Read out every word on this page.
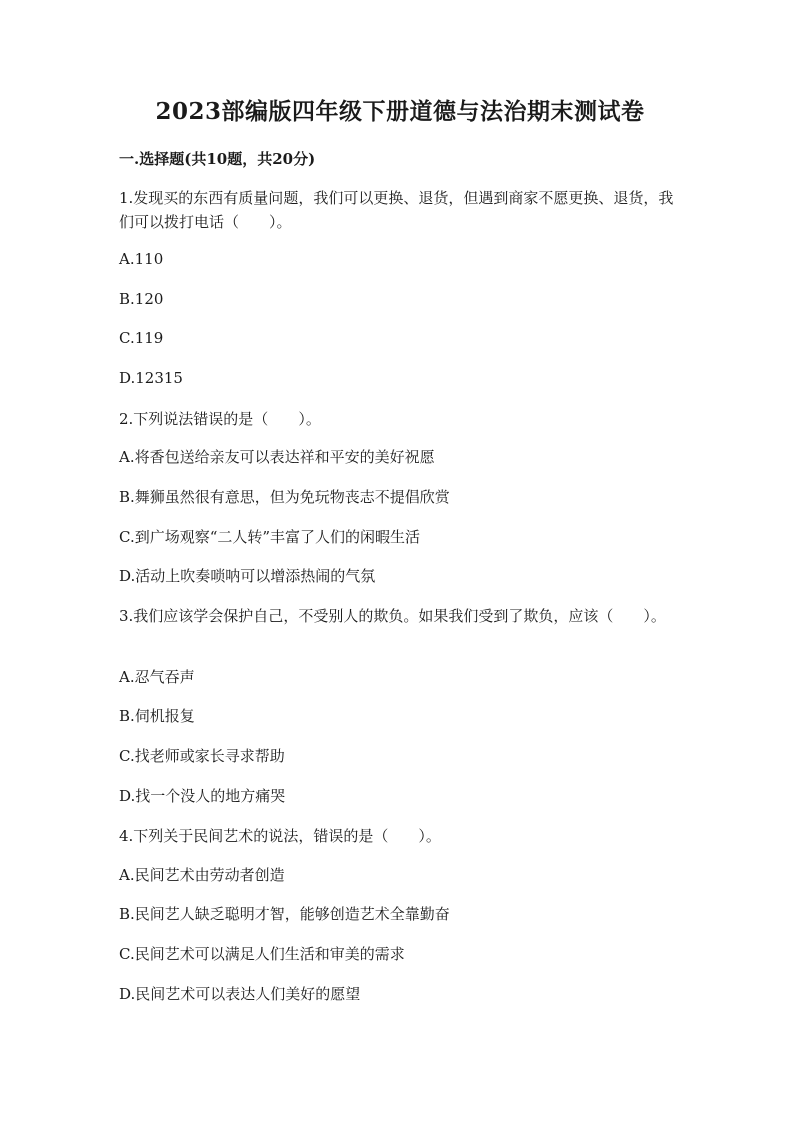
2023部编版四年级下册道德与法治期末测试卷
一.选择题(共10题，共20分)
1.发现买的东西有质量问题，我们可以更换、退货，但遇到商家不愿更换、退货，我们可以拨打电话（　　）。
A.110
B.120
C.119
D.12315
2.下列说法错误的是（　　）。
A.将香包送给亲友可以表达祥和平安的美好祝愿
B.舞狮虽然很有意思，但为免玩物丧志不提倡欣赏
C.到广场观察“二人转”丰富了人们的闲暇生活
D.活动上吹奏唢呐可以增添热闹的气氛
3.我们应该学会保护自己，不受别人的欺负。如果我们受到了欺负，应该（　　）。
A.忍气吞声
B.伺机报复
C.找老师或家长寻求帮助
D.找一个没人的地方痛哭
4.下列关于民间艺术的说法，错误的是（　　）。
A.民间艺术由劳动者创造
B.民间艺人缺乏聪明才智，能够创造艺术全靠勤奋
C.民间艺术可以满足人们生活和审美的需求
D.民间艺术可以表达人们美好的愿望
